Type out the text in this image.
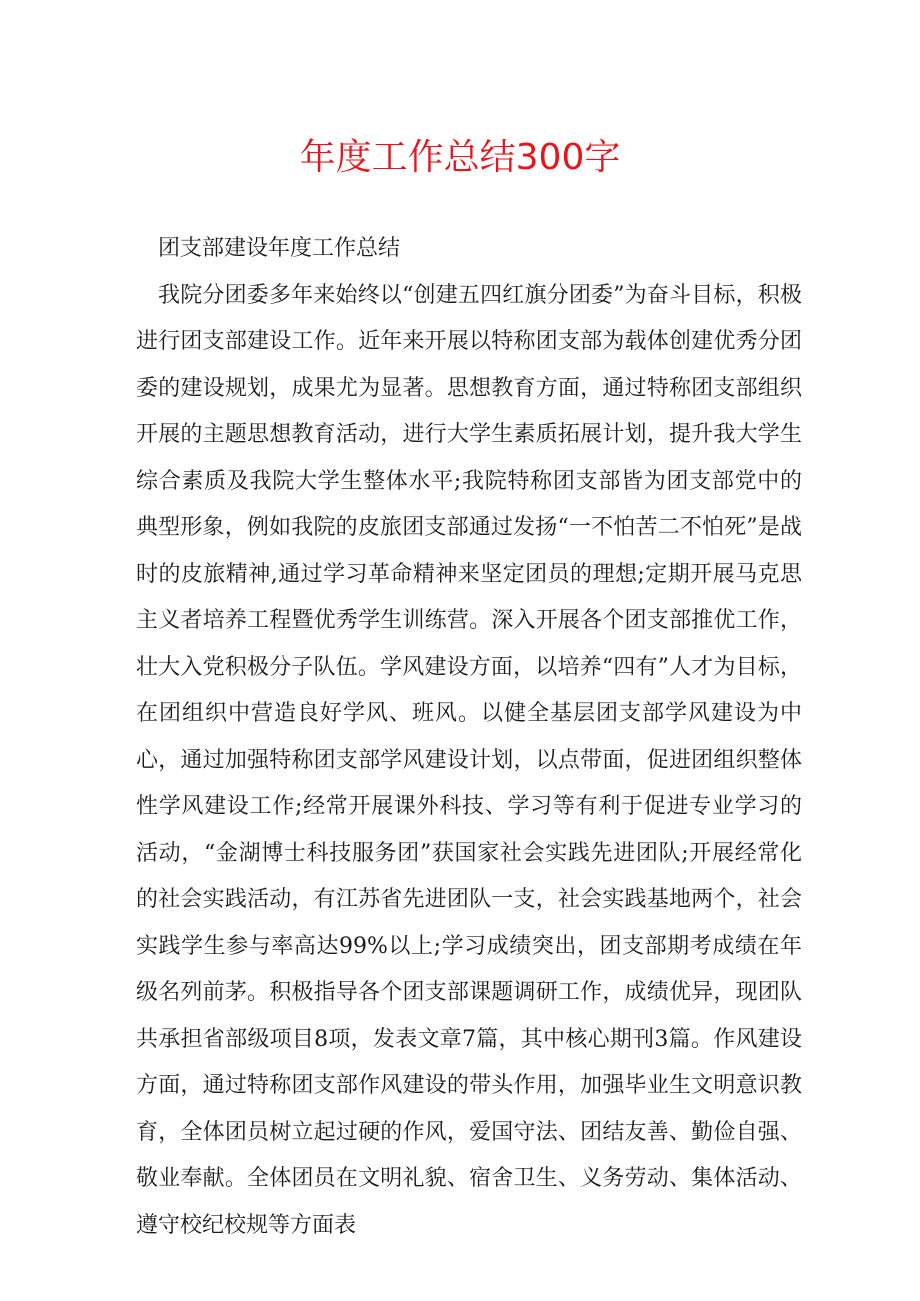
年度工作总结300字

团支部建设年度工作总结

我院分团委多年来始终以“创建五四红旗分团委”为奋斗目标，积极进行团支部建设工作。近年来开展以特称团支部为载体创建优秀分团委的建设规划，成果尤为显著。思想教育方面，通过特称团支部组织开展的主题思想教育活动，进行大学生素质拓展计划，提升我大学生综合素质及我院大学生整体水平;我院特称团支部皆为团支部党中的典型形象，例如我院的皮旅团支部通过发扬“一不怕苦二不怕死”是战时的皮旅精神,通过学习革命精神来坚定团员的理想;定期开展马克思主义者培养工程暨优秀学生训练营。深入开展各个团支部推优工作，壮大入党积极分子队伍。学风建设方面，以培养“四有”人才为目标，在团组织中营造良好学风、班风。以健全基层团支部学风建设为中心，通过加强特称团支部学风建设计划，以点带面，促进团组织整体性学风建设工作;经常开展课外科技、学习等有利于促进专业学习的活动，“金湖博士科技服务团”获国家社会实践先进团队;开展经常化的社会实践活动，有江苏省先进团队一支，社会实践基地两个，社会实践学生参与率高达99%以上;学习成绩突出，团支部期考成绩在年级名列前茅。积极指导各个团支部课题调研工作，成绩优异，现团队共承担省部级项目8项，发表文章7篇，其中核心期刊3篇。作风建设方面，通过特称团支部作风建设的带头作用，加强毕业生文明意识教育，全体团员树立起过硬的作风，爱国守法、团结友善、勤俭自强、敬业奉献。全体团员在文明礼貌、宿舍卫生、义务劳动、集体活动、遵守校纪校规等方面表
